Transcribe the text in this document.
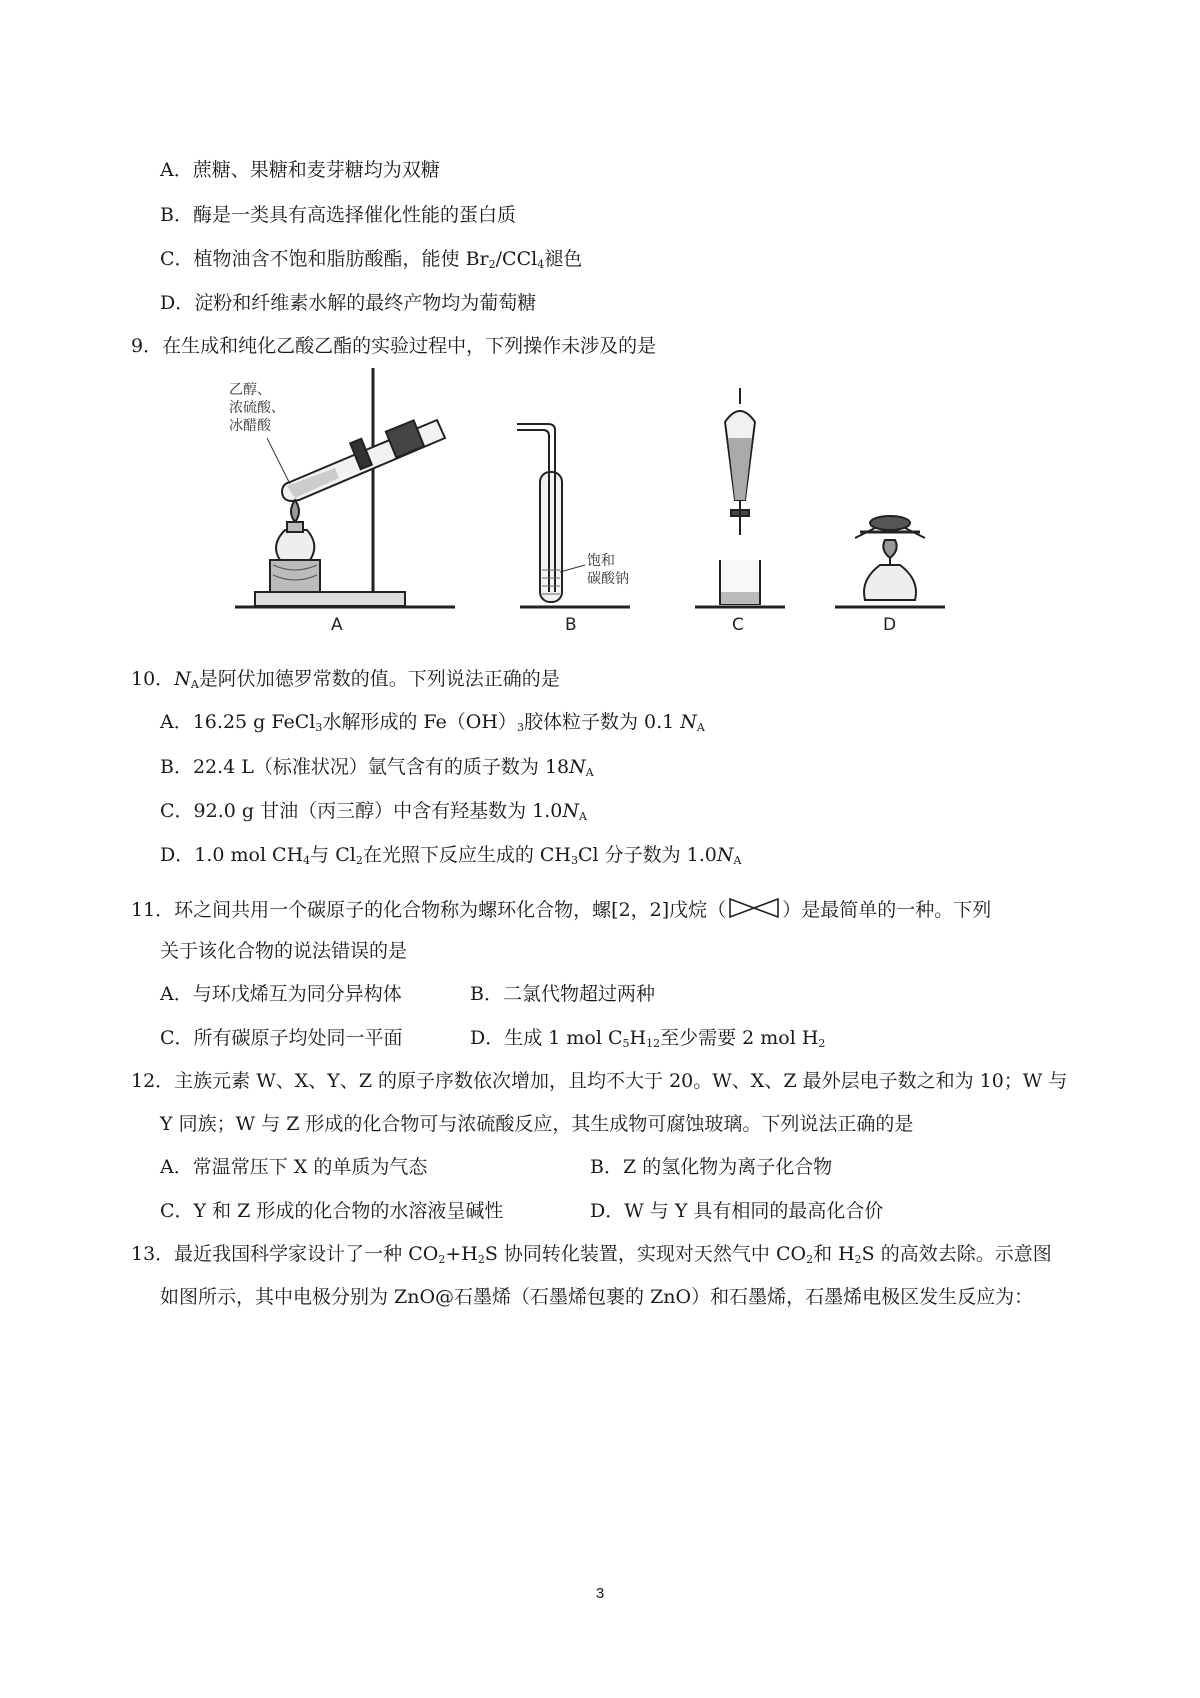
A．蔗糖、果糖和麦芽糖均为双糖
B．酶是一类具有高选择催化性能的蛋白质
C．植物油含不饱和脂肪酸酯，能使 $Br_2/CCl_4$褪色
D．淀粉和纤维素水解的最终产物均为葡萄糖
9．在生成和纯化乙酸乙酯的实验过程中，下列操作未涉及的是
乙醇、
浓硫酸、
冰醋酸
饱和
碳酸钠
A	B	C	D
10．$N_A$是阿伏加德罗常数的值。下列说法正确的是
A．16.25 g FeCl$_3$水解形成的 $Fe(OH)_3$胶体粒子数为 0.1 $N_A$
B．22.4 L（标准状况）氩气含有的质子数为 $18N_A$
C．92.0 g 甘油（丙三醇）中含有羟基数为 $1.0N_A$
D．1.0 mol $CH_4$与 $Cl_2$在光照下反应生成的 $CH_3Cl$ 分子数为 $1.0N_A$
11．环之间共用一个碳原子的化合物称为螺环化合物，螺[2，2]戊烷（	）是最简单的一种。下列
关于该化合物的说法错误的是
A．与环戊烯互为同分异构体	B．二氯代物超过两种
C．所有碳原子均处同一平面	D．生成 1 mol $C_5H_{12}$至少需要 2 mol $H_2$
12．主族元素 W、X、Y、Z 的原子序数依次增加，且均不大于 20。W、X、Z 最外层电子数之和为 10；W 与
Y 同族；W 与 Z 形成的化合物可与浓硫酸反应，其生成物可腐蚀玻璃。下列说法正确的是
A．常温常压下 X 的单质为气态	B．Z 的氢化物为离子化合物
C．Y 和 Z 形成的化合物的水溶液呈碱性	D．W 与 Y 具有相同的最高化合价
13．最近我国科学家设计了一种 $CO_2+H_2S$ 协同转化装置，实现对天然气中 $CO_2$和 $H_2S$ 的高效去除。示意图
如图所示，其中电极分别为 ZnO@石墨烯（石墨烯包裹的 ZnO）和石墨烯，石墨烯电极区发生反应为：
3
